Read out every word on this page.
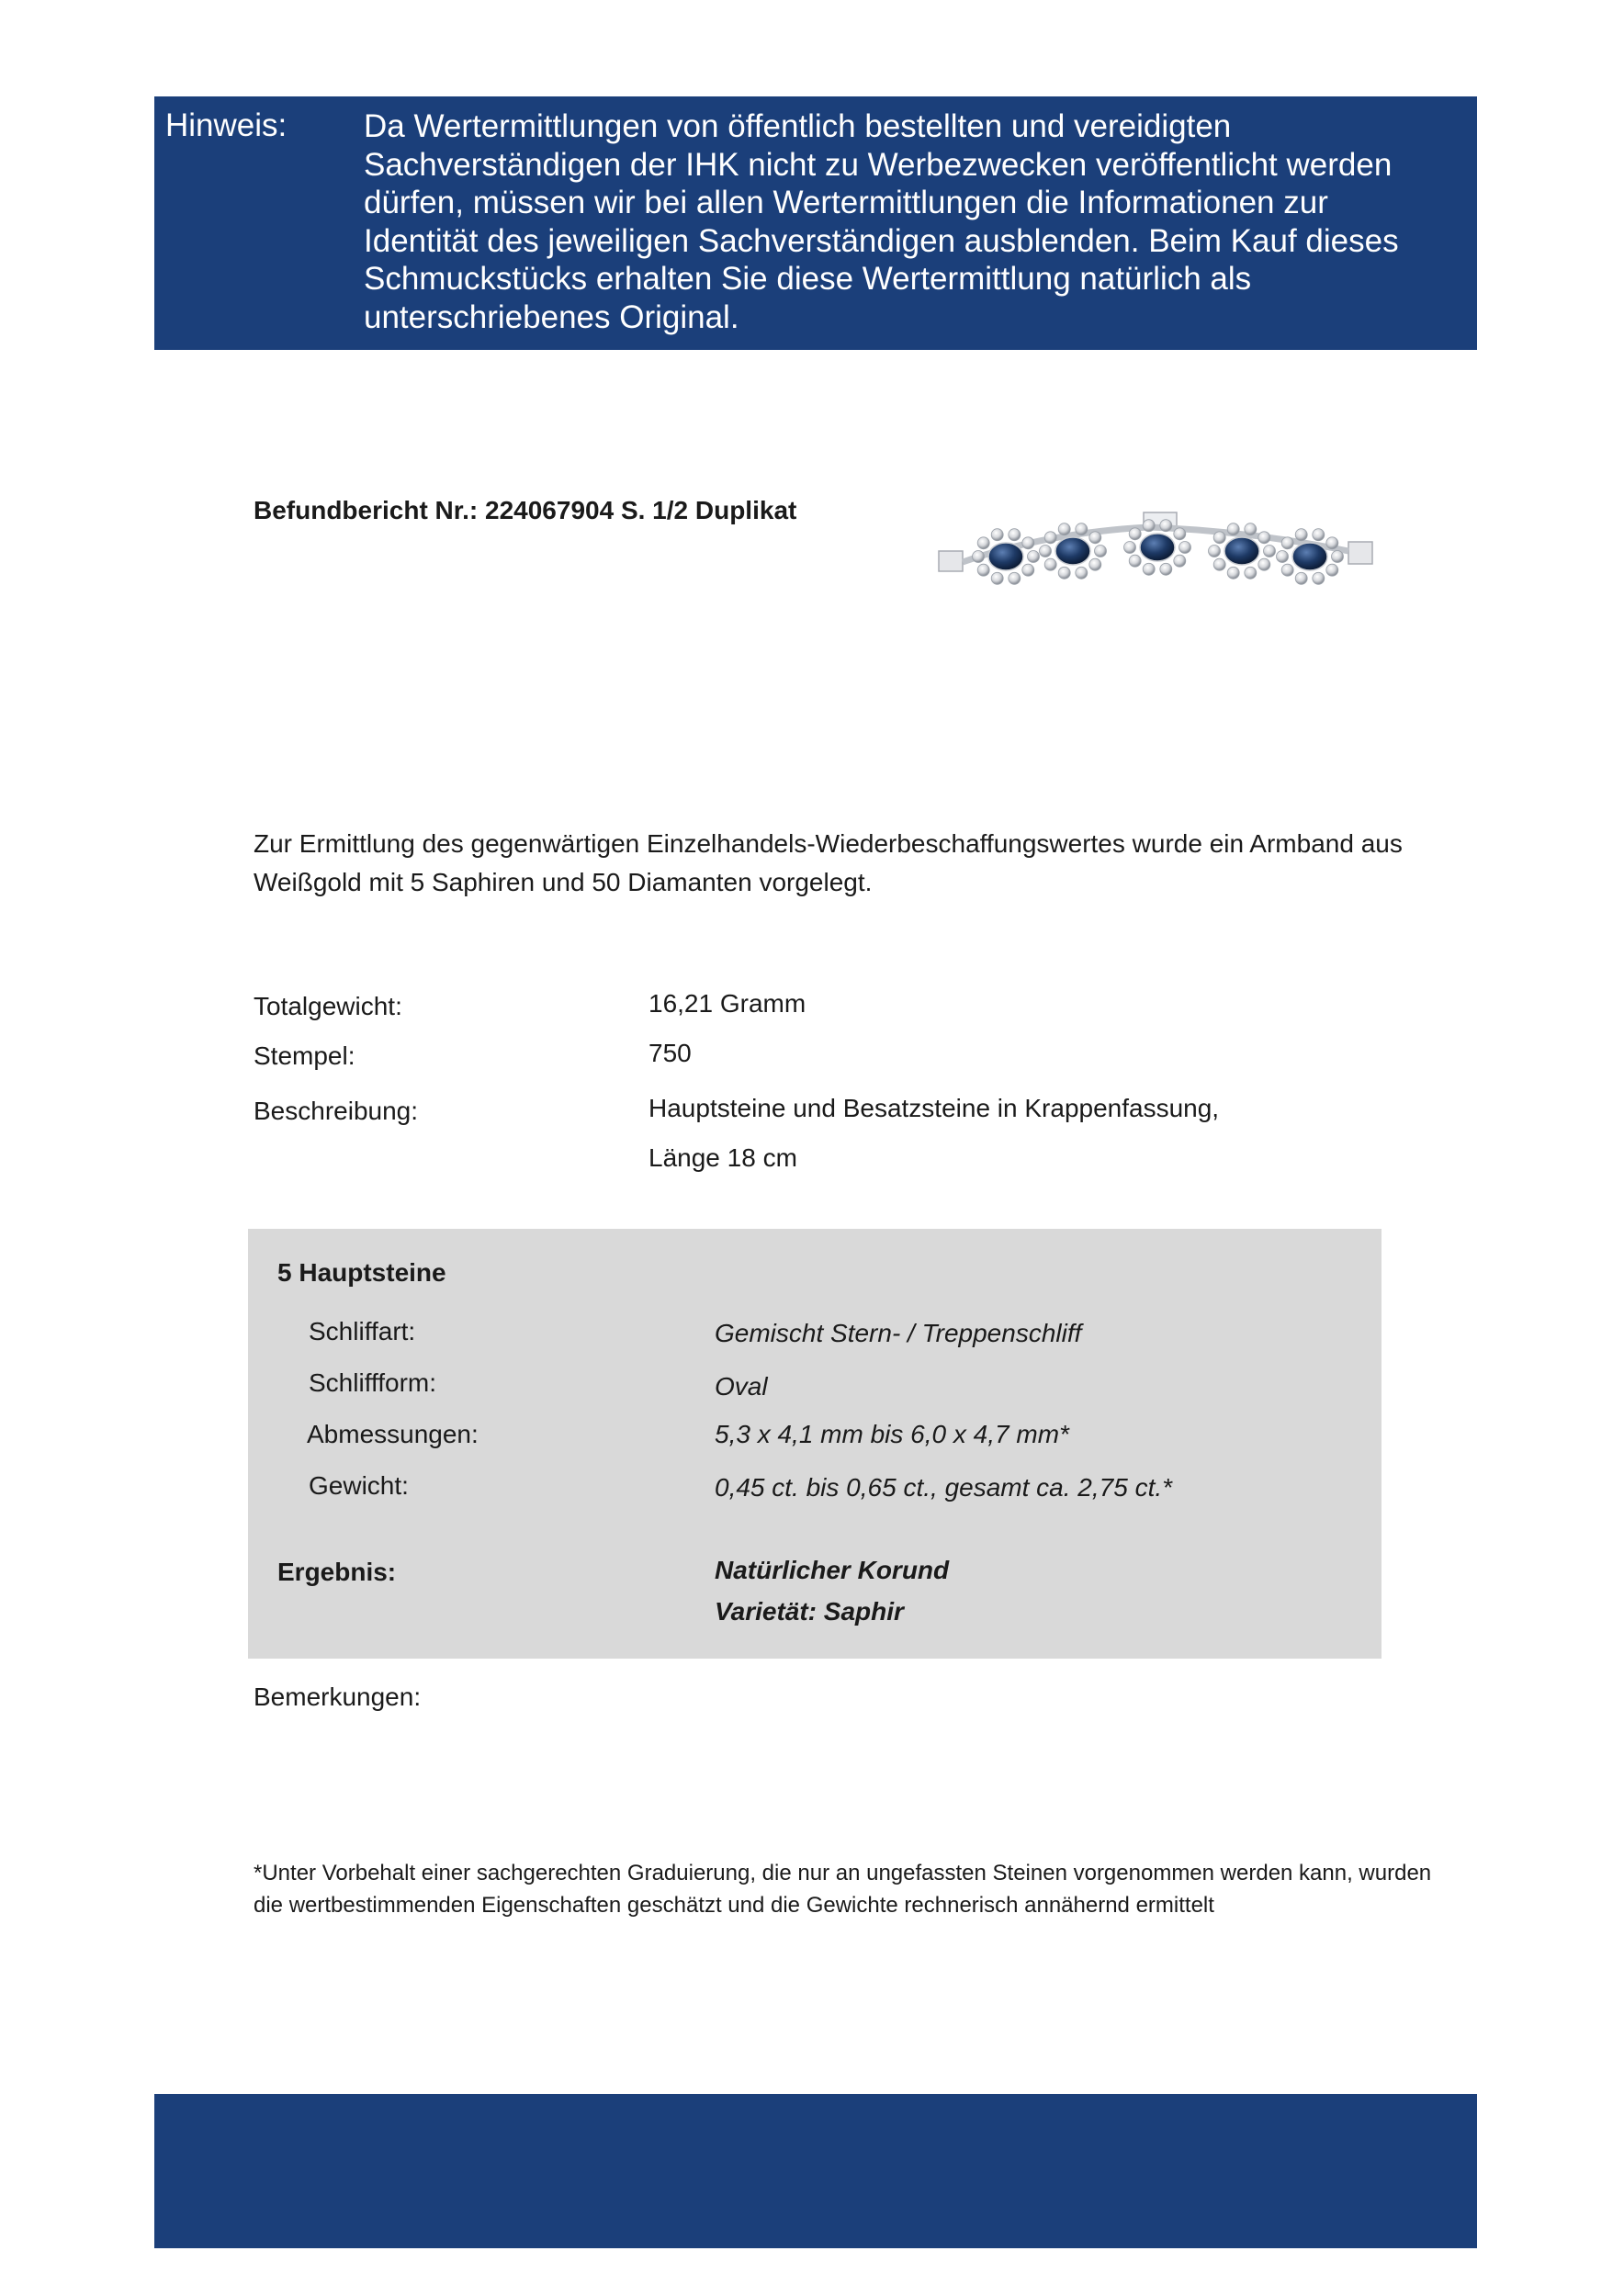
Hinweis: Da Wertermittlungen von öffentlich bestellten und vereidigten Sachverständigen der IHK nicht zu Werbezwecken veröffentlicht werden dürfen, müssen wir bei allen Wertermittlungen die Informationen zur Identität des jeweiligen Sachverständigen ausblenden. Beim Kauf dieses Schmuckstücks erhalten Sie diese Wertermittlung natürlich als unterschriebenes Original.
Befundbericht Nr.: 224067904 S. 1/2 Duplikat
Zur Ermittlung des gegenwärtigen Einzelhandels-Wiederbeschaffungswertes wurde ein Armband aus Weißgold mit 5 Saphiren und 50 Diamanten vorgelegt.
Totalgewicht:	16,21 Gramm
Stempel:	750
Beschreibung:	Hauptsteine und Besatzsteine in Krappenfassung,
Länge 18 cm
5 Hauptsteine
Schliffart:	Gemischt Stern- / Treppenschliff
Schliffform:	Oval
Abmessungen:	5,3 x 4,1 mm bis 6,0 x 4,7 mm*
Gewicht:	0,45 ct. bis 0,65 ct., gesamt ca. 2,75 ct.*
Ergebnis:	Natürlicher Korund
Varietät: Saphir
Bemerkungen:
*Unter Vorbehalt einer sachgerechten Graduierung, die nur an ungefassten Steinen vorgenommen werden kann, wurden die wertbestimmenden Eigenschaften geschätzt und die Gewichte rechnerisch annähernd ermittelt
